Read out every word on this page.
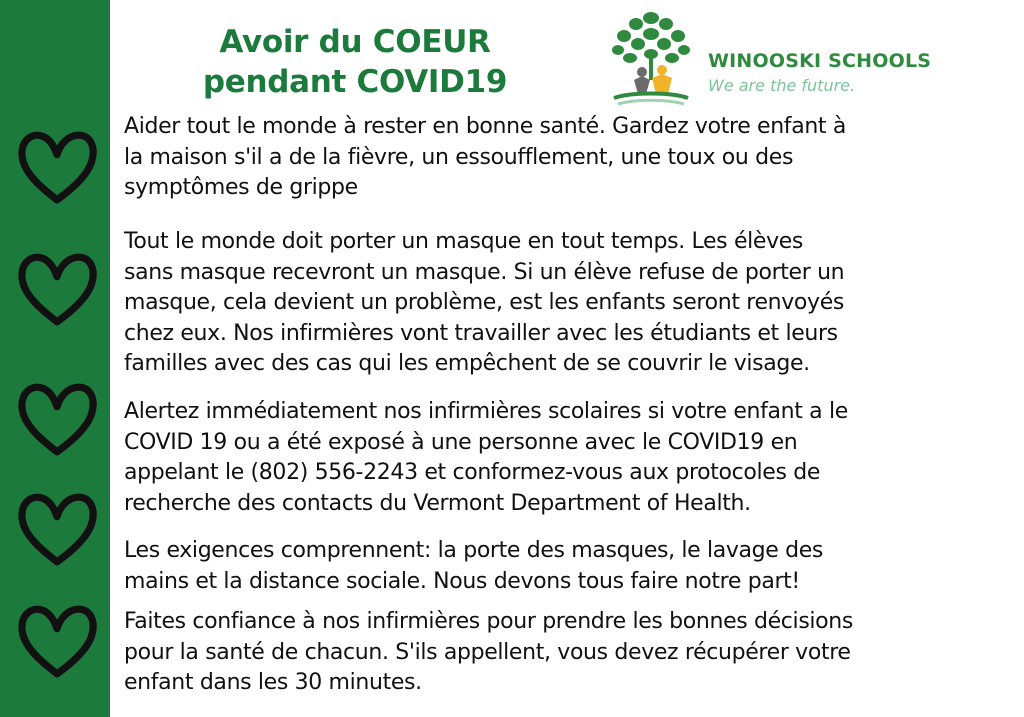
Avoir du COEUR
pendant COVID19
WINOOSKI SCHOOLS
We are the future.

Aider tout le monde à rester en bonne santé. Gardez votre enfant à
la maison s'il a de la fièvre, un essoufflement, une toux ou des
symptômes de grippe

Tout le monde doit porter un masque en tout temps. Les élèves
sans masque recevront un masque. Si un élève refuse de porter un
masque, cela devient un problème, est les enfants seront renvoyés
chez eux. Nos infirmières vont travailler avec les étudiants et leurs
familles avec des cas qui les empêchent de se couvrir le visage.

Alertez immédiatement nos infirmières scolaires si votre enfant a le
COVID 19 ou a été exposé à une personne avec le COVID19 en
appelant le (802) 556-2243 et conformez-vous aux protocoles de
recherche des contacts du Vermont Department of Health.

Les exigences comprennent: la porte des masques, le lavage des
mains et la distance sociale. Nous devons tous faire notre part!

Faites confiance à nos infirmières pour prendre les bonnes décisions
pour la santé de chacun. S'ils appellent, vous devez récupérer votre
enfant dans les 30 minutes.
